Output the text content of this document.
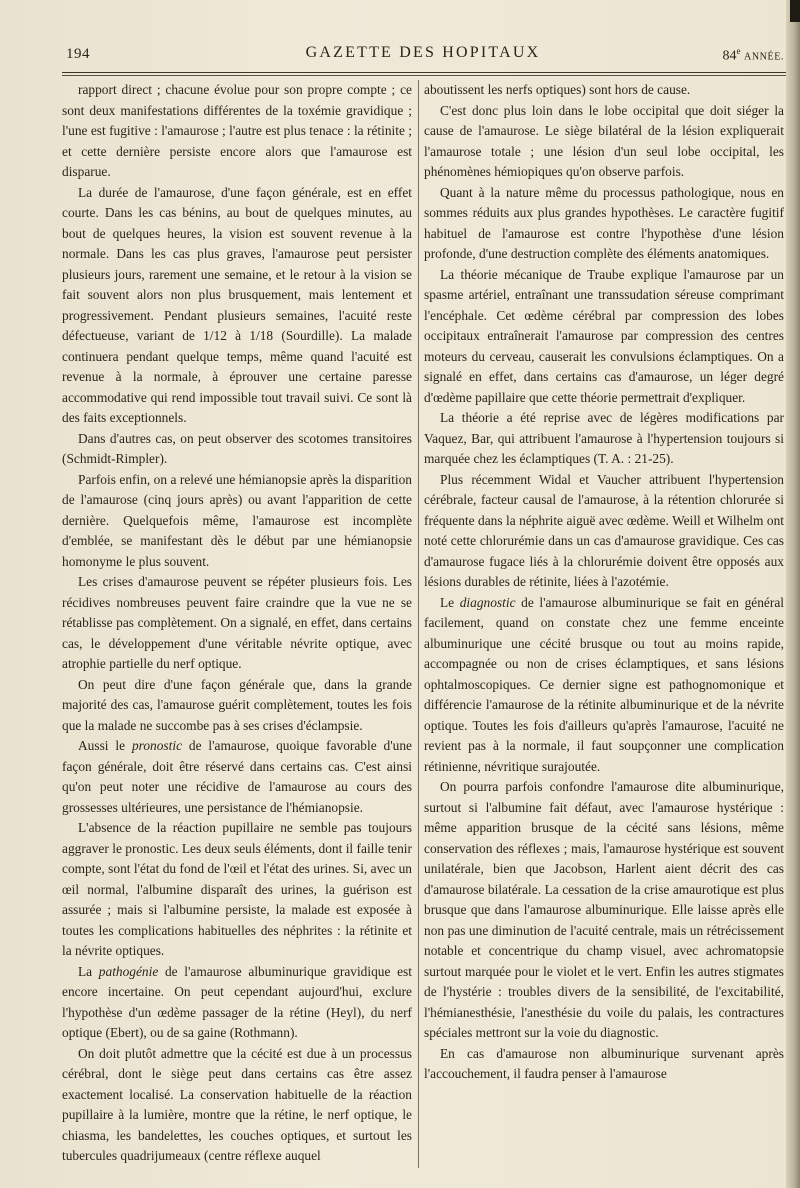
194	GAZETTE DES HOPITAUX	84e ANNÉE.

rapport direct ; chacune évolue pour son propre compte ; ce sont deux manifestations différentes de la toxémie gravidique ; l'une est fugitive : l'amaurose ; l'autre est plus tenace : la rétinite ; et cette dernière persiste encore alors que l'amaurose est disparue.

La durée de l'amaurose, d'une façon générale, est en effet courte. Dans les cas bénins, au bout de quelques minutes, au bout de quelques heures, la vision est souvent revenue à la normale. Dans les cas plus graves, l'amaurose peut persister plusieurs jours, rarement une semaine, et le retour à la vision se fait souvent alors non plus brusquement, mais lentement et progressivement. Pendant plusieurs semaines, l'acuité reste défectueuse, variant de 1/12 à 1/18 (Sourdille). La malade continuera pendant quelque temps, même quand l'acuité est revenue à la normale, à éprouver une certaine paresse accommodative qui rend impossible tout travail suivi. Ce sont là des faits exceptionnels.

Dans d'autres cas, on peut observer des scotomes transitoires (Schmidt-Rimpler).

Parfois enfin, on a relevé une hémianopsie après la disparition de l'amaurose (cinq jours après) ou avant l'apparition de cette dernière. Quelquefois même, l'amaurose est incomplète d'emblée, se manifestant dès le début par une hémianopsie homonyme le plus souvent.

Les crises d'amaurose peuvent se répéter plusieurs fois. Les récidives nombreuses peuvent faire craindre que la vue ne se rétablisse pas complètement. On a signalé, en effet, dans certains cas, le développement d'une véritable névrite optique, avec atrophie partielle du nerf optique.

On peut dire d'une façon générale que, dans la grande majorité des cas, l'amaurose guérit complètement, toutes les fois que la malade ne succombe pas à ses crises d'éclampsie.

Aussi le pronostic de l'amaurose, quoique favorable d'une façon générale, doit être réservé dans certains cas. C'est ainsi qu'on peut noter une récidive de l'amaurose au cours des grossesses ultérieures, une persistance de l'hémianopsie.

L'absence de la réaction pupillaire ne semble pas toujours aggraver le pronostic. Les deux seuls éléments, dont il faille tenir compte, sont l'état du fond de l'œil et l'état des urines. Si, avec un œil normal, l'albumine disparaît des urines, la guérison est assurée ; mais si l'albumine persiste, la malade est exposée à toutes les complications habituelles des néphrites : la rétinite et la névrite optiques.

La pathogénie de l'amaurose albuminurique gravidique est encore incertaine. On peut cependant aujourd'hui, exclure l'hypothèse d'un œdème passager de la rétine (Heyl), du nerf optique (Ebert), ou de sa gaine (Rothmann).

On doit plutôt admettre que la cécité est due à un processus cérébral, dont le siège peut dans certains cas être assez exactement localisé. La conservation habituelle de la réaction pupillaire à la lumière, montre que la rétine, le nerf optique, le chiasma, les bandelettes, les couches optiques, et surtout les tubercules quadrijumeaux (centre réflexe auquel

aboutissent les nerfs optiques) sont hors de cause.

C'est donc plus loin dans le lobe occipital que doit siéger la cause de l'amaurose. Le siège bilatéral de la lésion expliquerait l'amaurose totale ; une lésion d'un seul lobe occipital, les phénomènes hémiopiques qu'on observe parfois.

Quant à la nature même du processus pathologique, nous en sommes réduits aux plus grandes hypothèses. Le caractère fugitif habituel de l'amaurose est contre l'hypothèse d'une lésion profonde, d'une destruction complète des éléments anatomiques.

La théorie mécanique de Traube explique l'amaurose par un spasme artériel, entraînant une transsudation séreuse comprimant l'encéphale. Cet œdème cérébral par compression des lobes occipitaux entraînerait l'amaurose par compression des centres moteurs du cerveau, causerait les convulsions éclamptiques. On a signalé en effet, dans certains cas d'amaurose, un léger degré d'œdème papillaire que cette théorie permettrait d'expliquer.

La théorie a été reprise avec de légères modifications par Vaquez, Bar, qui attribuent l'amaurose à l'hypertension toujours si marquée chez les éclamptiques (T. A. : 21-25).

Plus récemment Widal et Vaucher attribuent l'hypertension cérébrale, facteur causal de l'amaurose, à la rétention chlorurée si fréquente dans la néphrite aiguë avec œdème. Weill et Wilhelm ont noté cette chlorurémie dans un cas d'amaurose gravidique. Ces cas d'amaurose fugace liés à la chlorurémie doivent être opposés aux lésions durables de rétinite, liées à l'azotémie.

Le diagnostic de l'amaurose albuminurique se fait en général facilement, quand on constate chez une femme enceinte albuminurique une cécité brusque ou tout au moins rapide, accompagnée ou non de crises éclamptiques, et sans lésions ophtalmoscopiques. Ce dernier signe est pathognomonique et différencie l'amaurose de la rétinite albuminurique et de la névrite optique. Toutes les fois d'ailleurs qu'après l'amaurose, l'acuité ne revient pas à la normale, il faut soupçonner une complication rétinienne, névritique surajoutée.

On pourra parfois confondre l'amaurose dite albuminurique, surtout si l'albumine fait défaut, avec l'amaurose hystérique : même apparition brusque de la cécité sans lésions, même conservation des réflexes ; mais, l'amaurose hystérique est souvent unilatérale, bien que Jacobson, Harlent aient décrit des cas d'amaurose bilatérale. La cessation de la crise amaurotique est plus brusque que dans l'amaurose albuminurique. Elle laisse après elle non pas une diminution de l'acuité centrale, mais un rétrécissement notable et concentrique du champ visuel, avec achromatopsie surtout marquée pour le violet et le vert. Enfin les autres stigmates de l'hystérie : troubles divers de la sensibilité, de l'excitabilité, l'hémianesthésie, l'anesthésie du voile du palais, les contractures spéciales mettront sur la voie du diagnostic.

En cas d'amaurose non albuminurique survenant après l'accouchement, il faudra penser à l'amaurose
